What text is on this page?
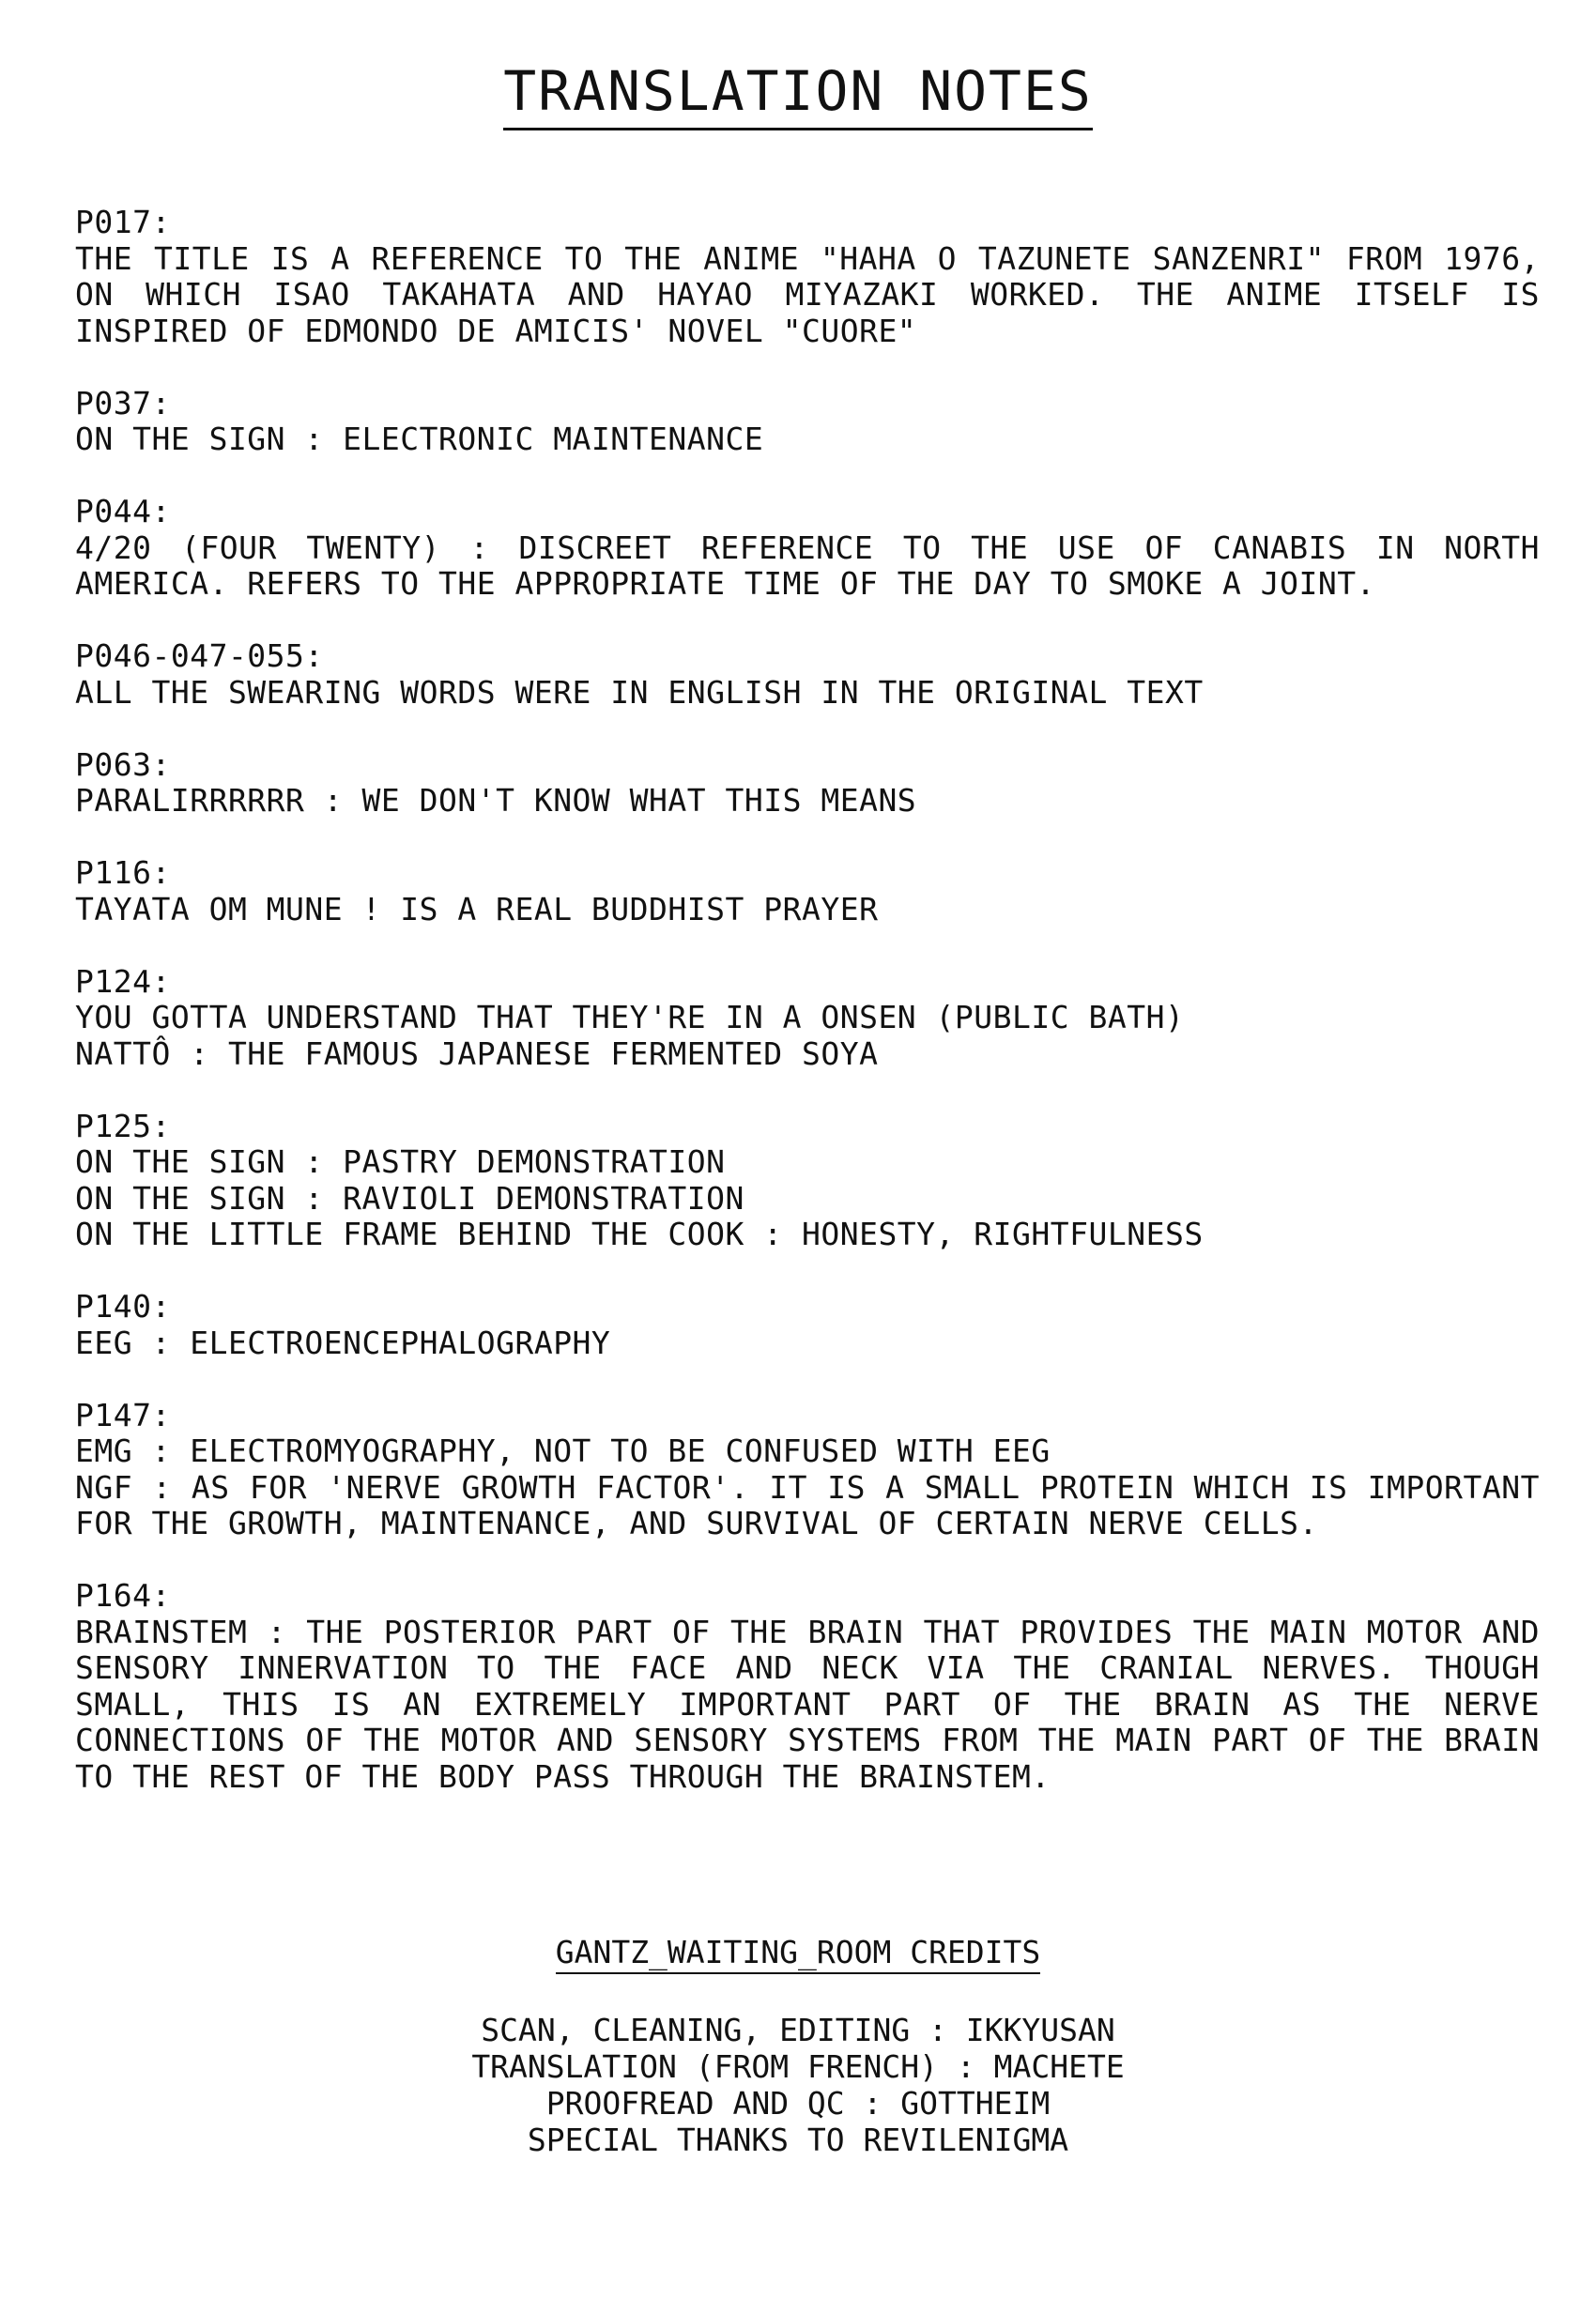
TRANSLATION NOTES
P017:
THE TITLE IS A REFERENCE TO THE ANIME "HAHA O TAZUNETE SANZENRI" FROM 1976, ON WHICH ISAO TAKAHATA AND HAYAO MIYAZAKI WORKED. THE ANIME ITSELF IS INSPIRED OF EDMONDO DE AMICIS' NOVEL "CUORE"
P037:
ON THE SIGN : ELECTRONIC MAINTENANCE
P044:
4/20 (FOUR TWENTY) : DISCREET REFERENCE TO THE USE OF CANABIS IN NORTH AMERICA. REFERS TO THE APPROPRIATE TIME OF THE DAY TO SMOKE A JOINT.
P046-047-055:
ALL THE SWEARING WORDS WERE IN ENGLISH IN THE ORIGINAL TEXT
P063:
PARALIRRRRRR : WE DON'T KNOW WHAT THIS MEANS
P116:
TAYATA OM MUNE ! IS A REAL BUDDHIST PRAYER
P124:
YOU GOTTA UNDERSTAND THAT THEY'RE IN A ONSEN (PUBLIC BATH)
NATTÔ : THE FAMOUS JAPANESE FERMENTED SOYA
P125:
ON THE SIGN : PASTRY DEMONSTRATION
ON THE SIGN : RAVIOLI DEMONSTRATION
ON THE LITTLE FRAME BEHIND THE COOK : HONESTY, RIGHTFULNESS
P140:
EEG : ELECTROENCEPHALOGRAPHY
P147:
EMG : ELECTROMYOGRAPHY, NOT TO BE CONFUSED WITH EEG
NGF : AS FOR 'NERVE GROWTH FACTOR'. IT IS A SMALL PROTEIN WHICH IS IMPORTANT FOR THE GROWTH, MAINTENANCE, AND SURVIVAL OF CERTAIN NERVE CELLS.
P164:
BRAINSTEM : THE POSTERIOR PART OF THE BRAIN THAT PROVIDES THE MAIN MOTOR AND SENSORY INNERVATION TO THE FACE AND NECK VIA THE CRANIAL NERVES. THOUGH SMALL, THIS IS AN EXTREMELY IMPORTANT PART OF THE BRAIN AS THE NERVE CONNECTIONS OF THE MOTOR AND SENSORY SYSTEMS FROM THE MAIN PART OF THE BRAIN TO THE REST OF THE BODY PASS THROUGH THE BRAINSTEM.
GANTZ_WAITING_ROOM CREDITS
SCAN, CLEANING, EDITING : IKKYUSAN
TRANSLATION (FROM FRENCH) : MACHETE
PROOFREAD AND QC : GOTTHEIM
SPECIAL THANKS TO REVILENIGMA
